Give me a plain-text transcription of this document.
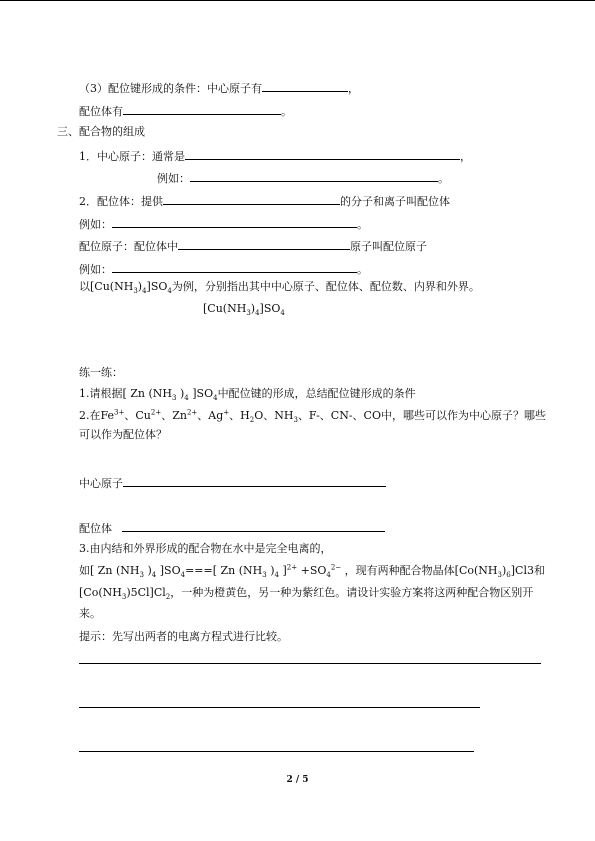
（3）配位键形成的条件：中心原子有	，
配位体有	。
三、配合物的组成
1．中心原子：通常是	，
例如：	。
2．配位体：提供	的分子和离子叫配位体
例如：	。
配位原子：配位体中	原子叫配位原子
例如：	。
以$[Cu(NH_3)_4]SO_4$为例，分别指出其中中心原子、配位体、配位数、内界和外界。
$[Cu(NH_3)_4]SO_4$
练一练：
1.请根据[ Zn ($NH_3$ )$_4$ ]$SO_4$中配位键的形成，总结配位键形成的条件
2.在$Fe^{3+}$、$Cu^{2+}$、$Zn^{2+}$、Ag+、$H_2O$、$NH_3$、F-、CN-、CO中，哪些可以作为中心原子？哪些
可以作为配位体？
中心原子
配位体
3.由内结和外界形成的配合物在水中是完全电离的，
如[ Zn ($NH_3$ )$_4$ ]$SO_4===$[ Zn ($NH_3$ )$_4$ ]$^{2+} +SO_4^{2-}$ ，现有两种配合物晶体$[Co(NH_3)_6]Cl3$和
$[Co(NH_3)5Cl]Cl_2$，一种为橙黄色，另一种为紫红色。请设计实验方案将这两种配合物区别开
来。
提示：先写出两者的电离方程式进行比较。
2 / 5
